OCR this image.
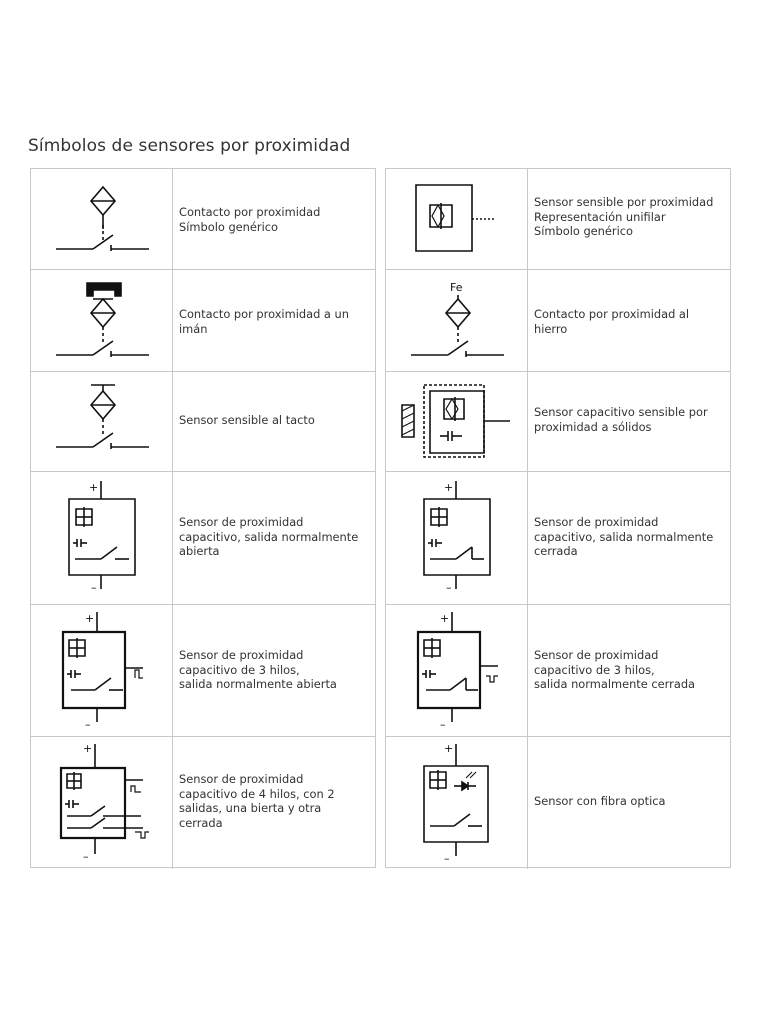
Símbolos de sensores por proximidad
Contacto por proximidad
Símbolo genérico
Contacto por proximidad a un
imán
Sensor sensible al tacto
+
–
Sensor de proximidad
capacitivo, salida normalmente
abierta
+
–
Sensor de proximidad
capacitivo de 3 hilos,
salida normalmente abierta
+
–
Sensor de proximidad
capacitivo de 4 hilos, con 2
salidas, una bierta y otra
cerrada
Sensor sensible por proximidad
Representación unifilar
Símbolo genérico
Fe
Contacto por proximidad al
hierro
Sensor capacitivo sensible por
proximidad a sólidos
+
–
Sensor de proximidad
capacitivo, salida normalmente
cerrada
+
–
Sensor de proximidad
capacitivo de 3 hilos,
salida normalmente cerrada
+
–
Sensor con fibra optica
